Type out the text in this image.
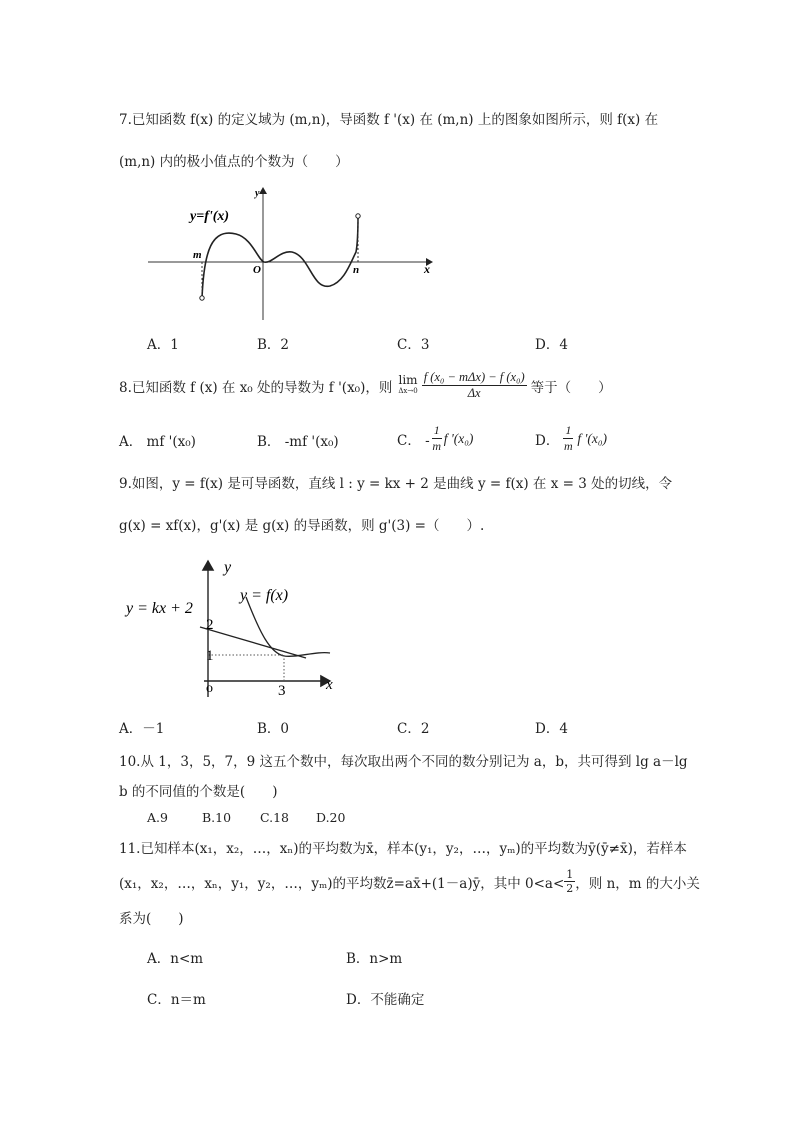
7.已知函数 f(x) 的定义域为 (m,n)，导函数 f '(x) 在 (m,n) 上的图象如图所示，则 f(x) 在
(m,n) 内的极小值点的个数为（　　）
y=f'(x)
y
x
O
m
n
A．1	B．2	C．3	D．4
8.已知函数 f (x) 在 x₀ 处的导数为 f '(x₀)，则 lim
$\Delta x\to 0 \frac{\text{f (x₀ − mΔx) − f (x₀)}}{\Delta x}$ 等于（　　）
A． mf '(x₀)	B． -mf '(x₀)	C． - $\frac{1}{m}$ f '(x₀)	D． $\frac{1}{m}$ f '(x₀)
9.如图，y = f(x) 是可导函数，直线 l : y = kx + 2 是曲线 y = f(x) 在 x = 3 处的切线，令
g(x) = xf(x)，g'(x) 是 g(x) 的导函数，则 g'(3) =（　　）.
y = kx + 2
y = f(x)
y
x
o
2
1
3
A．－1	B．0	C．2	D．4
10.从 1，3，5，7，9 这五个数中，每次取出两个不同的数分别记为 a，b，共可得到 lg a－lg
b 的不同值的个数是(　　)
A.9	B.10 C.18 D.20
11.已知样本(x₁，x₂，…，xₙ)的平均数为x̄，样本(y₁，y₂，…，yₘ)的平均数为ȳ(ȳ≠x̄)，若样本
(x₁，x₂，…，xₙ，y₁，y₂，…，yₘ)的平均数z̄=ax̄+(1－a)ȳ，其中 $0<a< \frac{1}{2}$ ，则 n，m 的大小关
系为(　　)
A．n<m	B．n>m
C．n＝m	D．不能确定
